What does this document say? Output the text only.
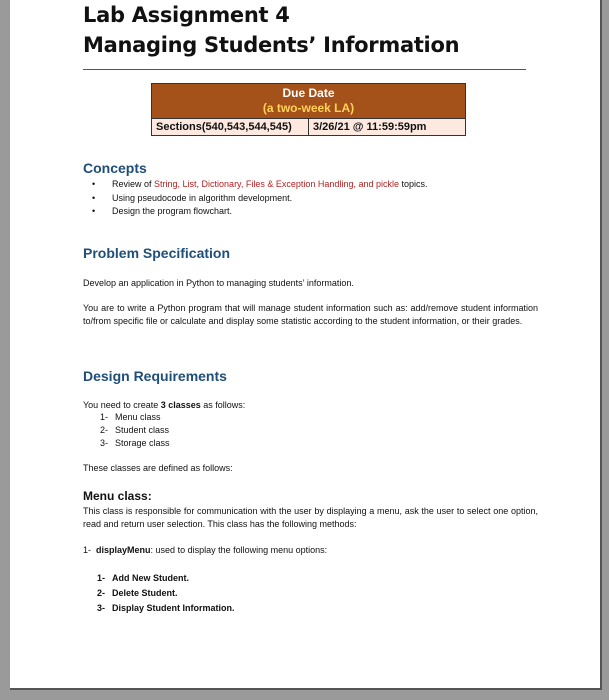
Lab Assignment 4
Managing Students’ Information
Due Date
(a two-week LA)
Sections(540,543,544,545)	3/26/21 @ 11:59:59pm
Concepts
• Review of String, List, Dictionary, Files & Exception Handling, and pickle topics.
• Using pseudocode in algorithm development.
• Design the program flowchart.
Problem Specification
Develop an application in Python to managing students’ information.
You are to write a Python program that will manage student information such as: add/remove student information to/from specific file or calculate and display some statistic according to the student information, or their grades.
Design Requirements
You need to create 3 classes as follows:
1- Menu class
2- Student class
3- Storage class
These classes are defined as follows:
Menu class:
This class is responsible for communication with the user by displaying a menu, ask the user to select one option, read and return user selection. This class has the following methods:
1- displayMenu: used to display the following menu options:
1- Add New Student.
2- Delete Student.
3- Display Student Information.
